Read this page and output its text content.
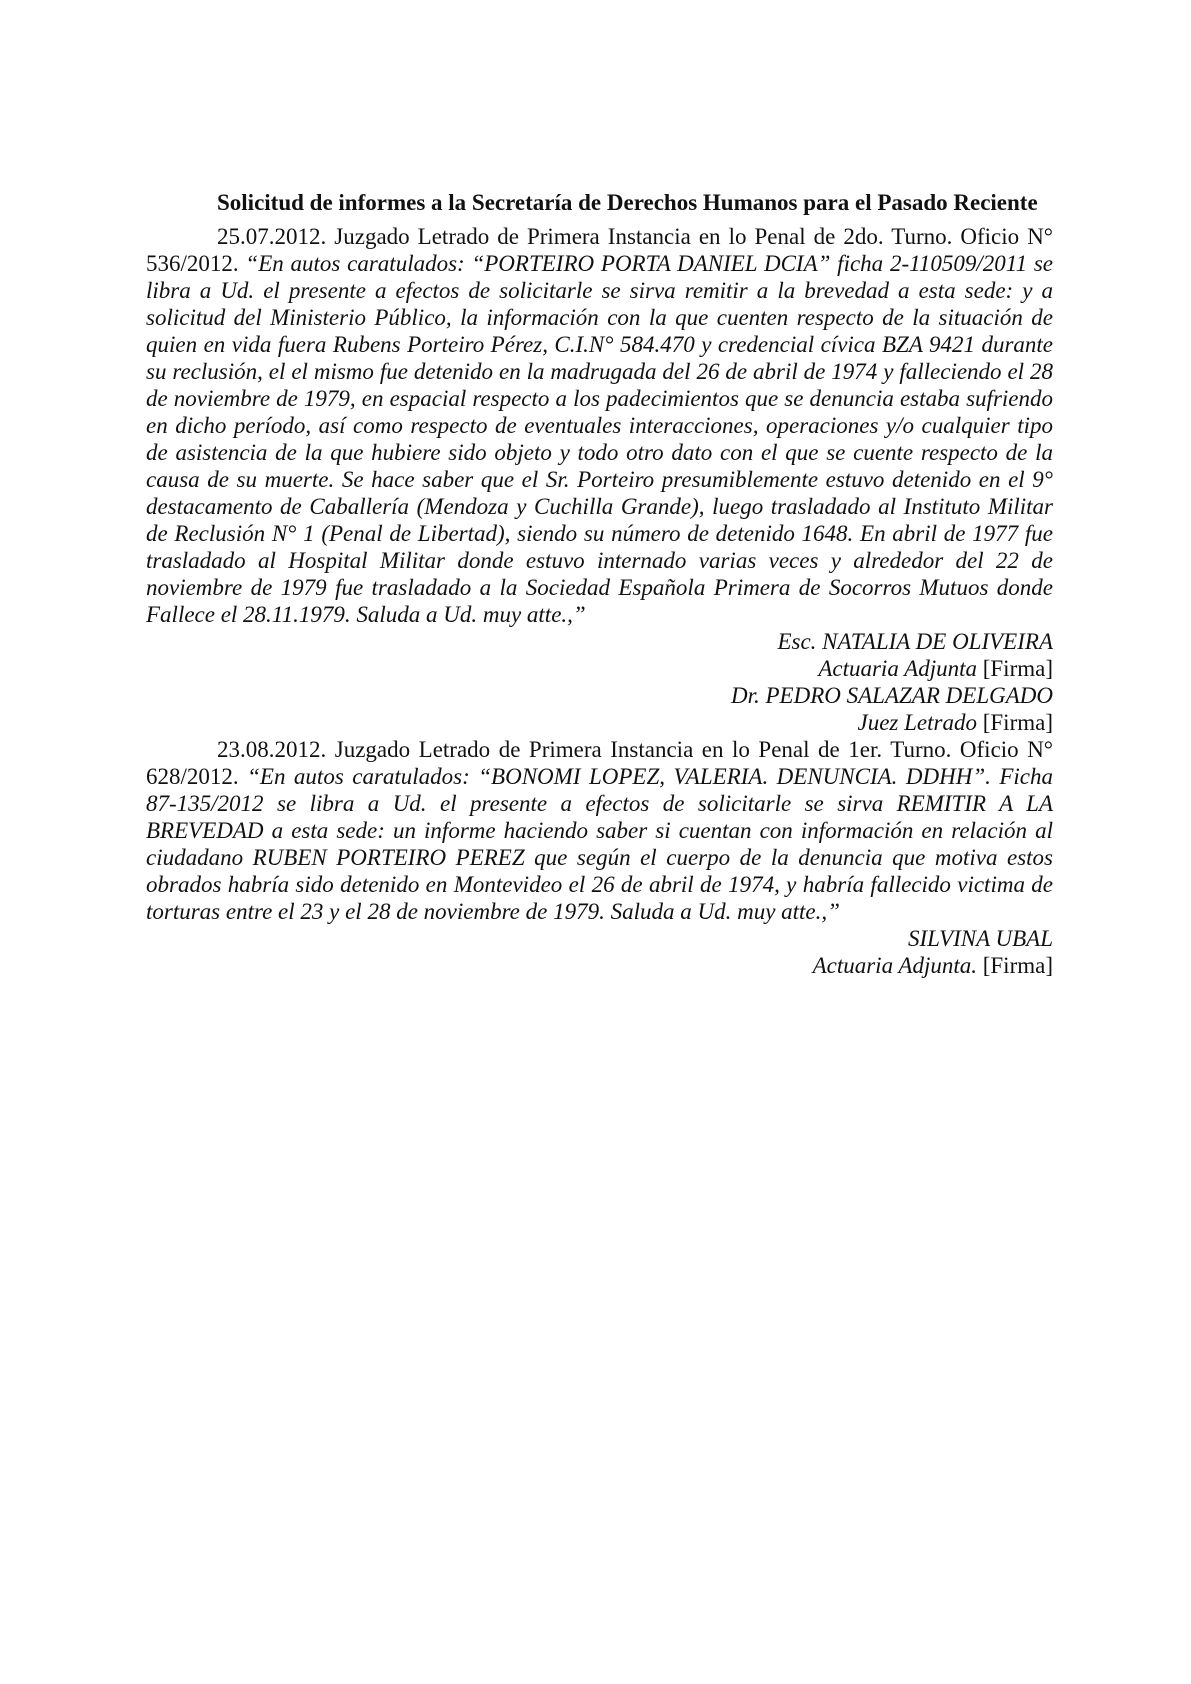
Solicitud de informes a la Secretaría de Derechos Humanos para el Pasado Reciente

25.07.2012. Juzgado Letrado de Primera Instancia en lo Penal de 2do. Turno. Oficio N° 536/2012. “En autos caratulados: “PORTEIRO PORTA DANIEL DCIA” ficha 2-110509/2011 se libra a Ud. el presente a efectos de solicitarle se sirva remitir a la brevedad a esta sede: y a solicitud del Ministerio Público, la información con la que cuenten respecto de la situación de quien en vida fuera Rubens Porteiro Pérez, C.I.N° 584.470 y credencial cívica BZA 9421 durante su reclusión, el el mismo fue detenido en la madrugada del 26 de abril de 1974 y falleciendo el 28 de noviembre de 1979, en espacial respecto a los padecimientos que se denuncia estaba sufriendo en dicho período, así como respecto de eventuales interacciones, operaciones y/o cualquier tipo de asistencia de la que hubiere sido objeto y todo otro dato con el que se cuente respecto de la causa de su muerte. Se hace saber que el Sr. Porteiro presumiblemente estuvo detenido en el 9° destacamento de Caballería (Mendoza y Cuchilla Grande), luego trasladado al Instituto Militar de Reclusión N° 1 (Penal de Libertad), siendo su número de detenido 1648. En abril de 1977 fue trasladado al Hospital Militar donde estuvo internado varias veces y alrededor del 22 de noviembre de 1979 fue trasladado a la Sociedad Española Primera de Socorros Mutuos donde Fallece el 28.11.1979. Saluda a Ud. muy atte.,”

Esc. NATALIA DE OLIVEIRA

Actuaria Adjunta [Firma]

Dr. PEDRO SALAZAR DELGADO

Juez Letrado [Firma]

23.08.2012. Juzgado Letrado de Primera Instancia en lo Penal de 1er. Turno. Oficio N° 628/2012. “En autos caratulados: “BONOMI LOPEZ, VALERIA. DENUNCIA. DDHH”. Ficha 87-135/2012 se libra a Ud. el presente a efectos de solicitarle se sirva REMITIR A LA BREVEDAD a esta sede: un informe haciendo saber si cuentan con información en relación al ciudadano RUBEN PORTEIRO PEREZ que según el cuerpo de la denuncia que motiva estos obrados habría sido detenido en Montevideo el 26 de abril de 1974, y habría fallecido victima de torturas entre el 23 y el 28 de noviembre de 1979. Saluda a Ud. muy atte.,”

SILVINA UBAL

Actuaria Adjunta. [Firma]
